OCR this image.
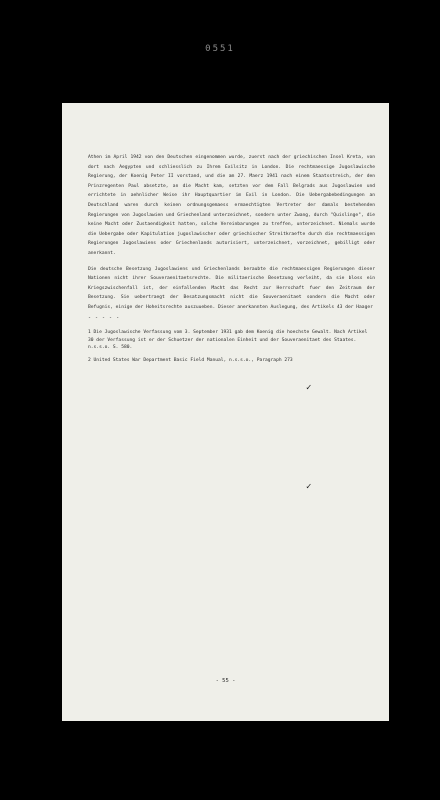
0551

Athen im April 1942 von den Deutschen eingenommen wurde, zuerst nach der griechischen Insel Kreta, von dort nach Aegypten und schliesslich zu Ihrem Exilsitz in London. Die rechtmaessige Jugoslawische Regierung, der Koenig Peter II vorstand, und die am 27. Maerz 1941 nach einem Staatsstreich, der den Prinzregenten Paul absetzte, an die Macht kam, setzten vor dem Fall Belgrads aus Jugoslawien und errichtete in aehnlicher Weise ihr Hauptquartier im Exil in London. Die Uebergabebedingungen an Deutschland waren durch keinen ordnungsgemaess ermaechtigten Vertreter der damals bestehenden Regierungen von Jugoslawien und Griechenland unterzeichnet, sondern unter Zwang, durch "Quislinge", die keine Macht oder Zustaendigkeit hatten, solche Vereinbarungen zu treffen, unterzeichnet. Niemals wurde die Uebergabe oder Kapitulation jugoslawischer oder griechischer Streitkraefte durch die rechtmaessigen Regierungen Jugoslawiens oder Griechenlands autorisiert, unterzeichnet, vorzeichnet, gebilligt oder anerkannt.

Die deutsche Besetzung Jugoslawiens und Griechenlands beraubte die rechtmaessigen Regierungen dieser Nationen nicht ihrer Souveraenitaetsrechte. Die militaerische Besetzung verleiht, da sie bloss ein Kriegszwischenfall ist, der einfallenden Macht das Recht zur Herrschaft fuer den Zeitraum der Besetzung. Sie uebertraegt der Besatzungsmacht nicht die Souveraenitaet sondern die Macht oder Befugnis, einige der Hoheitsrechte auszuueben. Dieser anerkannten Auslegung, des Artikels 43 der Haager

- - - - -

1 Die Jugoslawische Verfassung vom 3. September 1931 gab dem Koenig die hoechste Gewalt. Nach Artikel 30 der Verfassung ist er der Schuetzer der nationalen Einheit und der Souveraenitaet des Staates. n.s.s.o. S. 580.

2 United States War Department Basic Field Manual, n.s.s.o., Paragraph 273

- 55 -
✓
✓
